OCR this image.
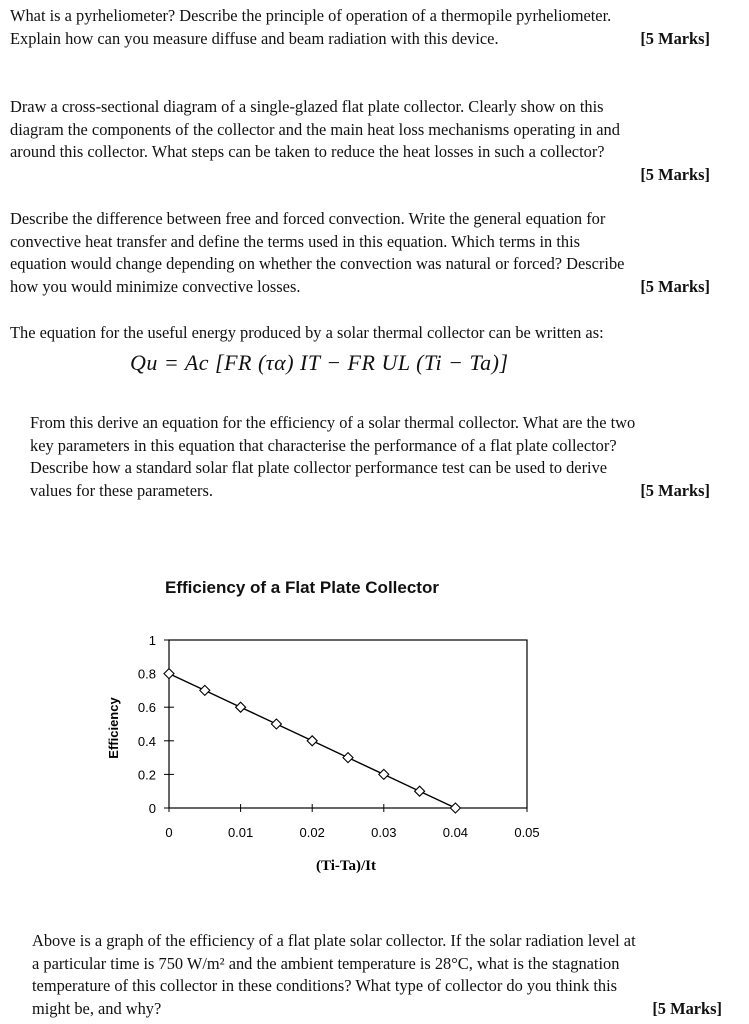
What is a pyrheliometer? Describe the principle of operation of a thermopile pyrheliometer.
Explain how can you measure diffuse and beam radiation with this device.	[5 Marks]
Draw a cross-sectional diagram of a single-glazed flat plate collector. Clearly show on this
diagram the components of the collector and the main heat loss mechanisms operating in and
around this collector. What steps can be taken to reduce the heat losses in such a collector?
[5 Marks]
Describe the difference between free and forced convection. Write the general equation for
convective heat transfer and define the terms used in this equation. Which terms in this
equation would change depending on whether the convection was natural or forced? Describe
how you would minimize convective losses.	[5 Marks]
The equation for the useful energy produced by a solar thermal collector can be written as:
Qu = Ac [FR (τα) IT − FR UL (Ti − Ta)]
From this derive an equation for the efficiency of a solar thermal collector. What are the two
key parameters in this equation that characterise the performance of a flat plate collector?
Describe how a standard solar flat plate collector performance test can be used to derive
values for these parameters.	[5 Marks]
Efficiency of a Flat Plate Collector
0
0.2
0.4
0.6
0.8
1
0	0.01	0.02	0.03	0.04	0.05
Efficiency
(Ti-Ta)/It
Above is a graph of the efficiency of a flat plate solar collector. If the solar radiation level at
a particular time is 750 W/m² and the ambient temperature is 28°C, what is the stagnation
temperature of this collector in these conditions? What type of collector do you think this
might be, and why?	[5 Marks]
